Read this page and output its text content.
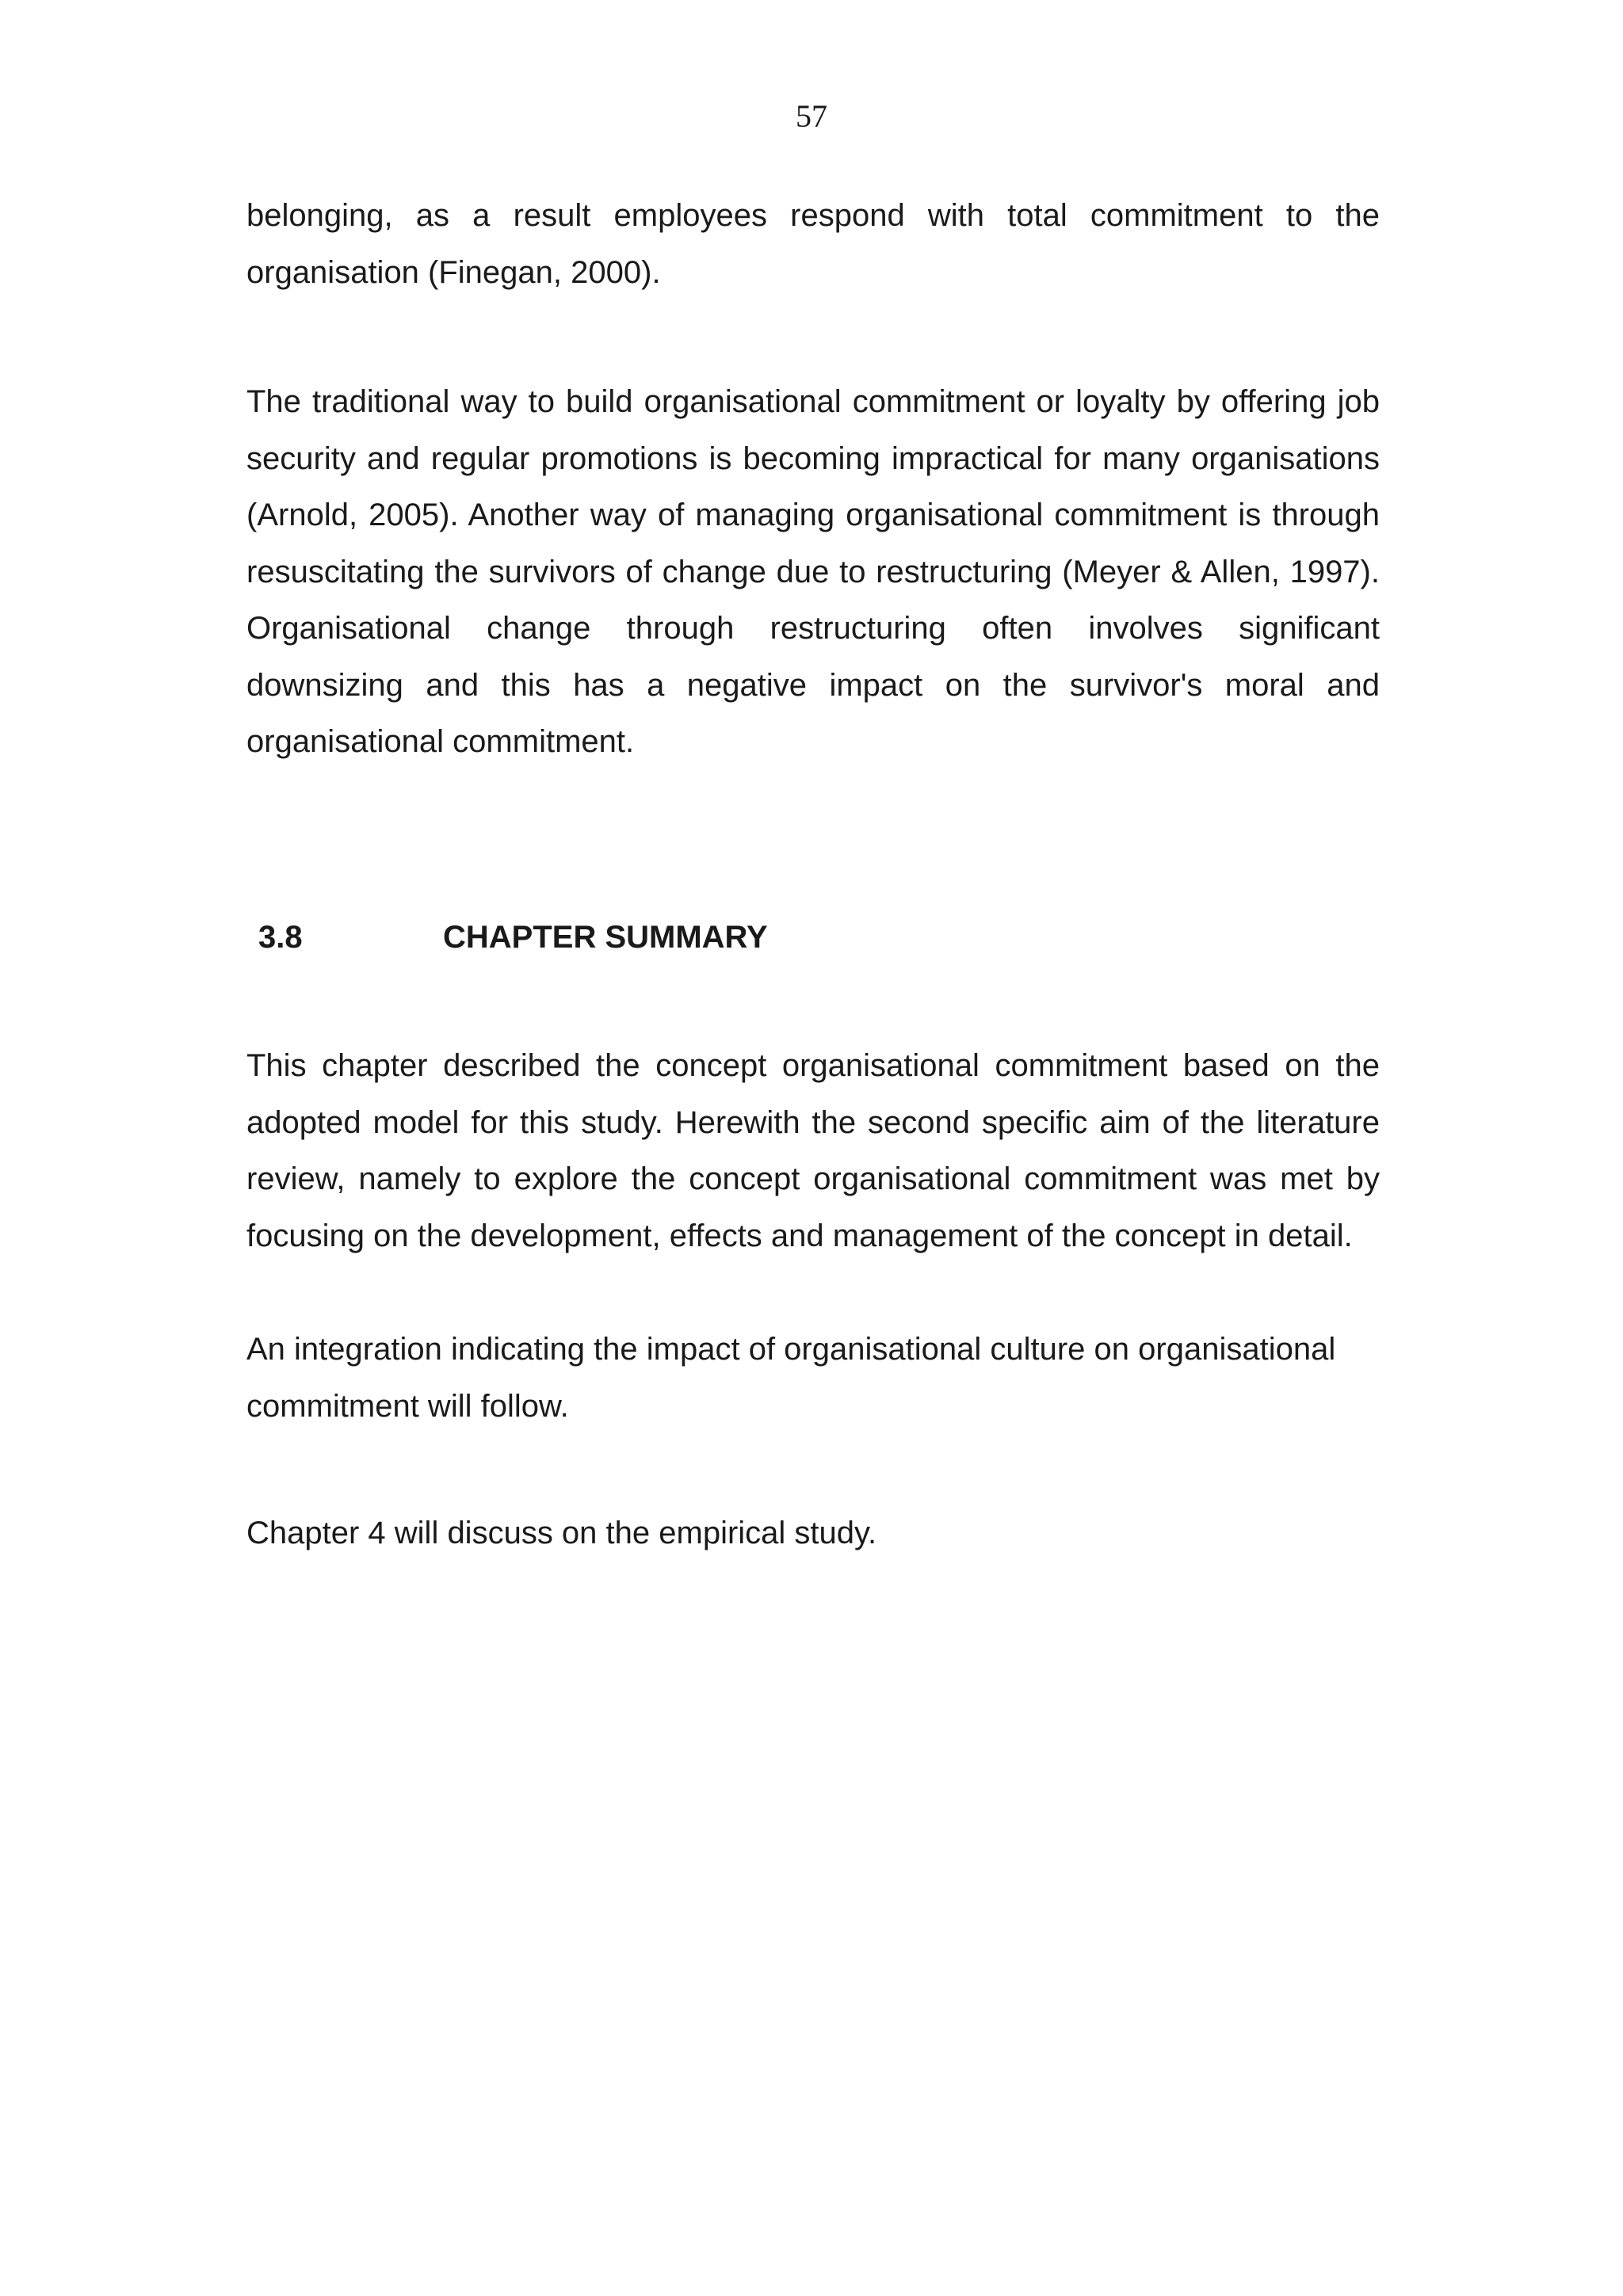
57

belonging, as a result employees respond with total commitment to the organisation (Finegan, 2000).

The traditional way to build organisational commitment or loyalty by offering job security and regular promotions is becoming impractical for many organisations (Arnold, 2005). Another way of managing organisational commitment is through resuscitating the survivors of change due to restructuring (Meyer & Allen, 1997). Organisational change through restructuring often involves significant downsizing and this has a negative impact on the survivor's moral and organisational commitment.

3.8	CHAPTER SUMMARY

This chapter described the concept organisational commitment based on the adopted model for this study. Herewith the second specific aim of the literature review, namely to explore the concept organisational commitment was met by focusing on the development, effects and management of the concept in detail.

An integration indicating the impact of organisational culture on organisational commitment will follow.

Chapter 4 will discuss on the empirical study.
